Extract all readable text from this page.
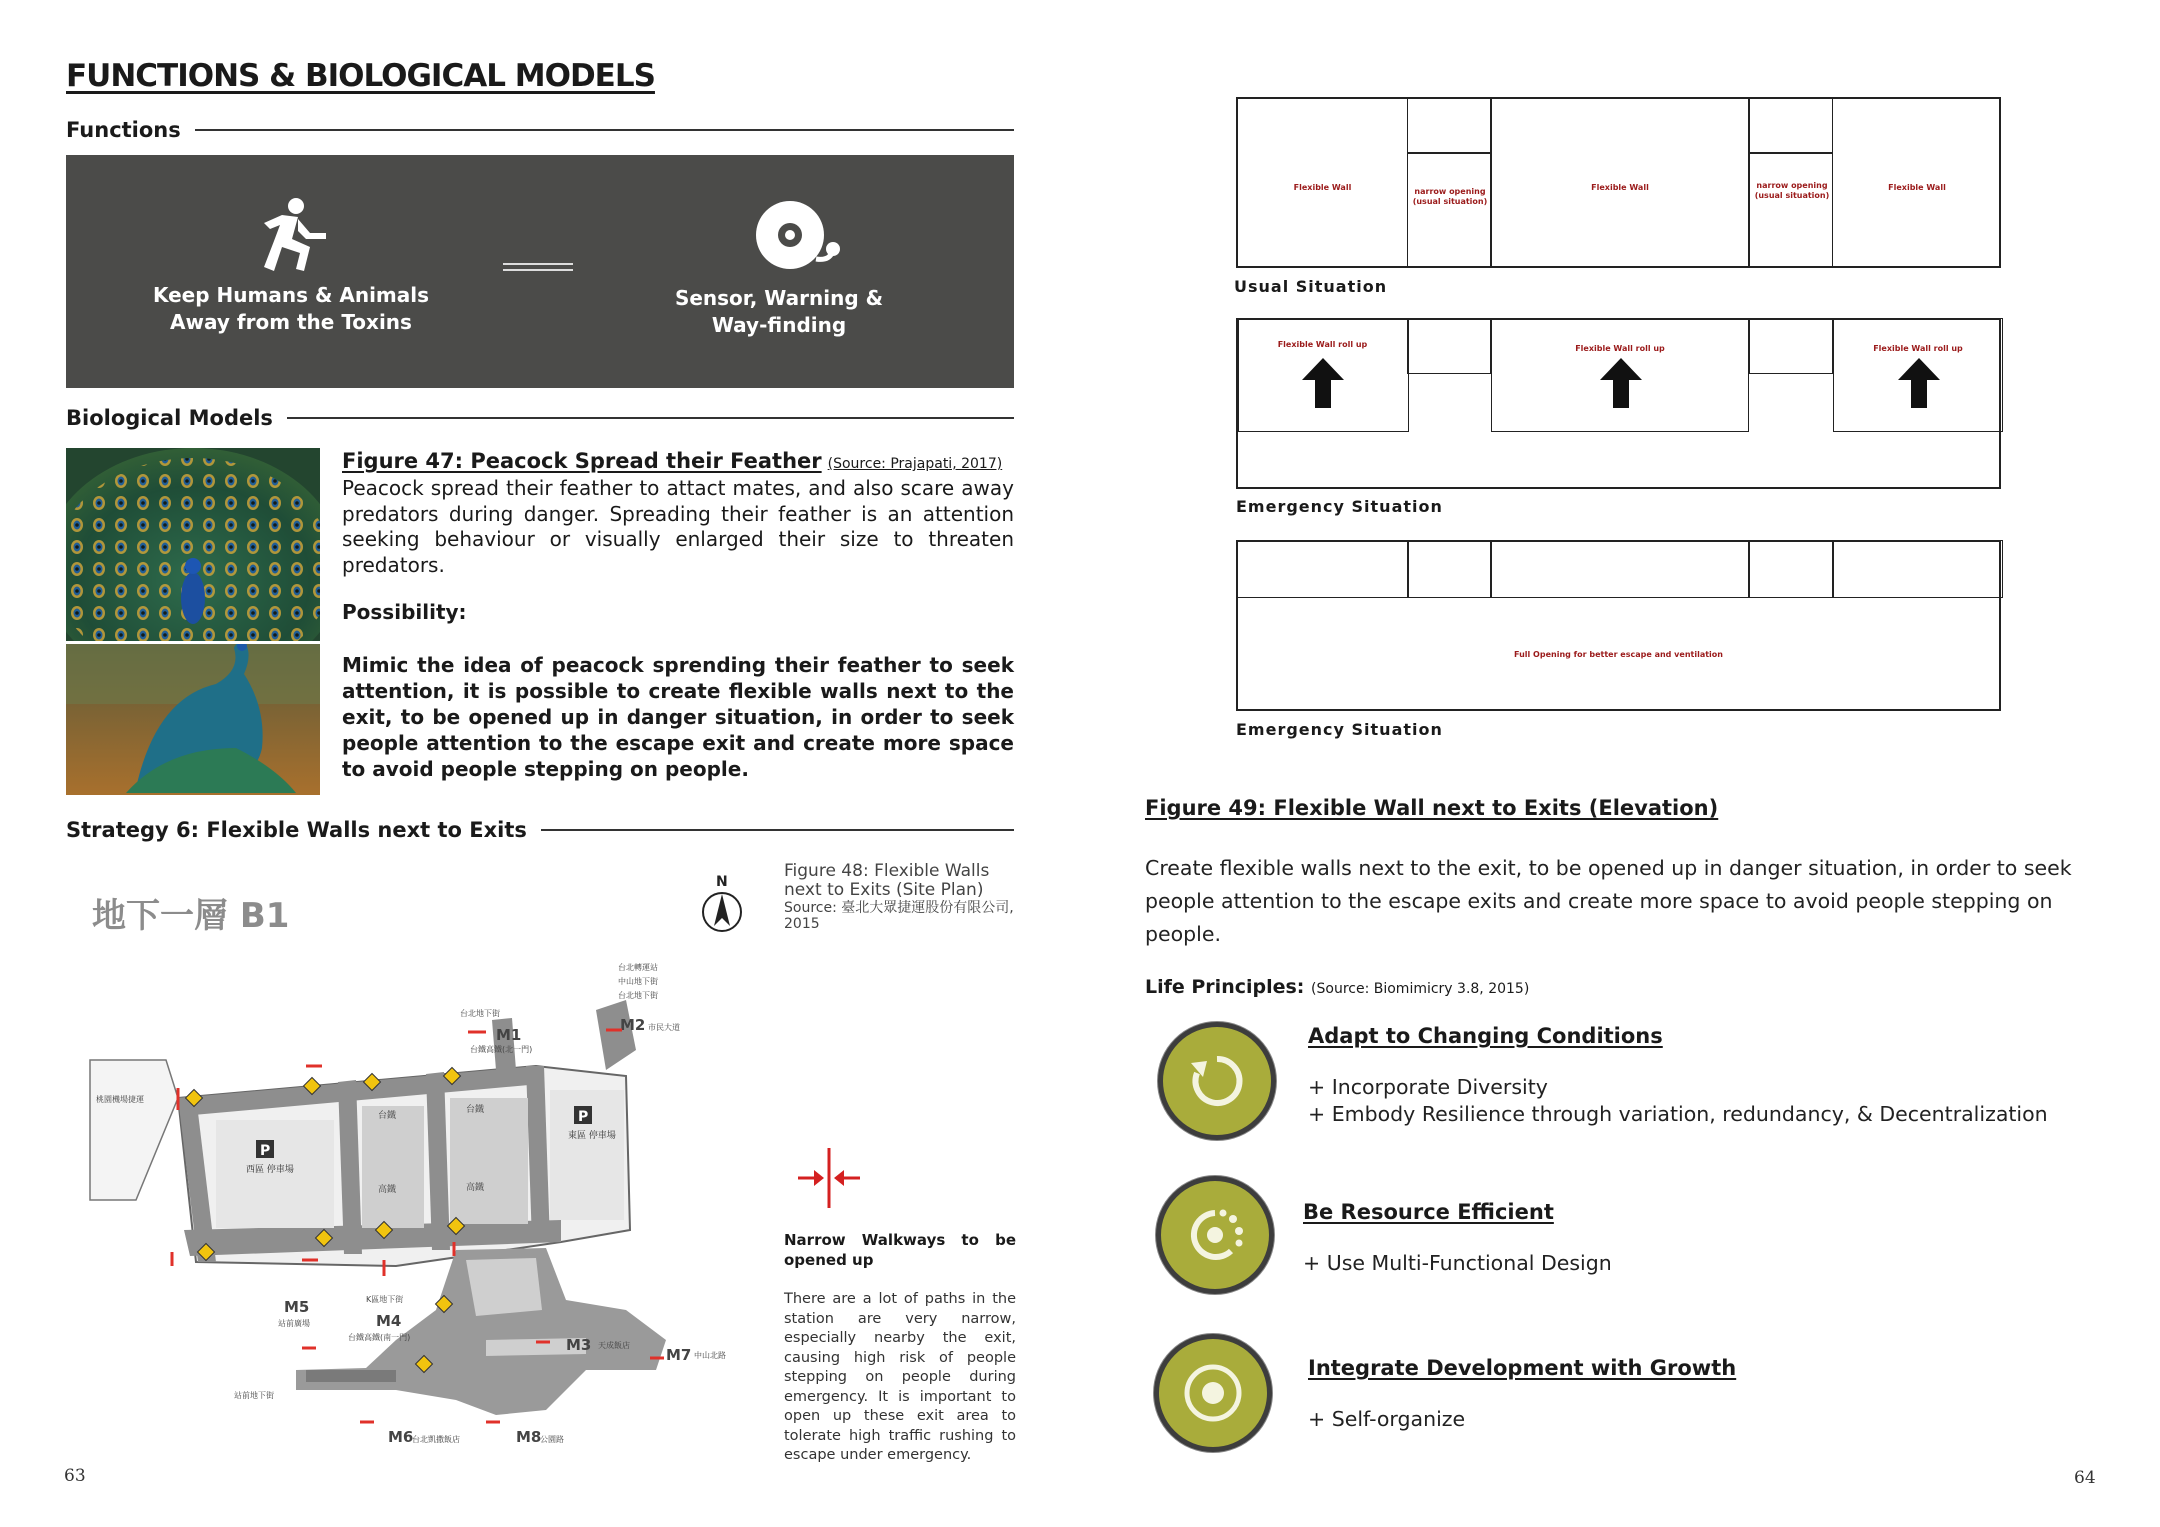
FUNCTIONS & BIOLOGICAL MODELS
Functions
Keep Humans & Animals
Away from the Toxins
Sensor, Warning &
Way-finding
Biological Models
Figure 47: Peacock Spread their Feather (Source: Prajapati, 2017)
Peacock spread their feather to attact mates, and also scare away predators during danger. Spreading their feather is an attention seeking behaviour or visually enlarged their size to threaten predators.
Possibility:
Mimic the idea of peacock sprending their feather to seek attention, it is possible to create flexible walls next to the exit, to be opened up in danger situation, in order to seek people attention to the escape exit and create more space to avoid people stepping on people.
Strategy 6: Flexible Walls next to Exits
地下一層 B1
N
P
P
西區 停車場
東區 停車場
台鐵
台鐵
高鐵	高鐵
M1
M2
M3
M4
M5
M6
M7
M8
台鐵高鐵(北一門)
市民大道
天成飯店
台鐵高鐵(南一門)
站前廣場
台北凱撒飯店
中山北路
公園路
桃園機場捷運
中山地下街
台北地下街
台北轉運站
台北地下街
K區地下街
站前地下街
Figure 48: Flexible Walls next to Exits (Site Plan)
Source: 臺北大眾捷運股份有限公司, 2015
Narrow Walkways to be opened up
There are a lot of paths in the station are very narrow, especially nearby the exit, causing high risk of people stepping on people during emergency. It is important to open up these exit area to tolerate high traffic rushing to escape under emergency.
63
Flexible Wall	narrow opening (usual situation)
Flexible Wall	narrow opening (usual situation)
Flexible Wall
Usual Situation
Flexible Wall roll up	Flexible Wall roll up	Flexible Wall roll up
Emergency Situation
Full Opening for better escape and ventilation
Emergency Situation
Figure 49: Flexible Wall next to Exits (Elevation)
Create flexible walls next to the exit, to be opened up in danger situation, in order to seek people attention to the escape exits and create more space to avoid people stepping on people.
Life Principles: (Source: Biomimicry 3.8, 2015)
Adapt to Changing Conditions
+ Incorporate Diversity
+ Embody Resilience through variation, redundancy, & Decentralization
Be Resource Efficient
+ Use Multi-Functional Design
Integrate Development with Growth
+ Self-organize
64
